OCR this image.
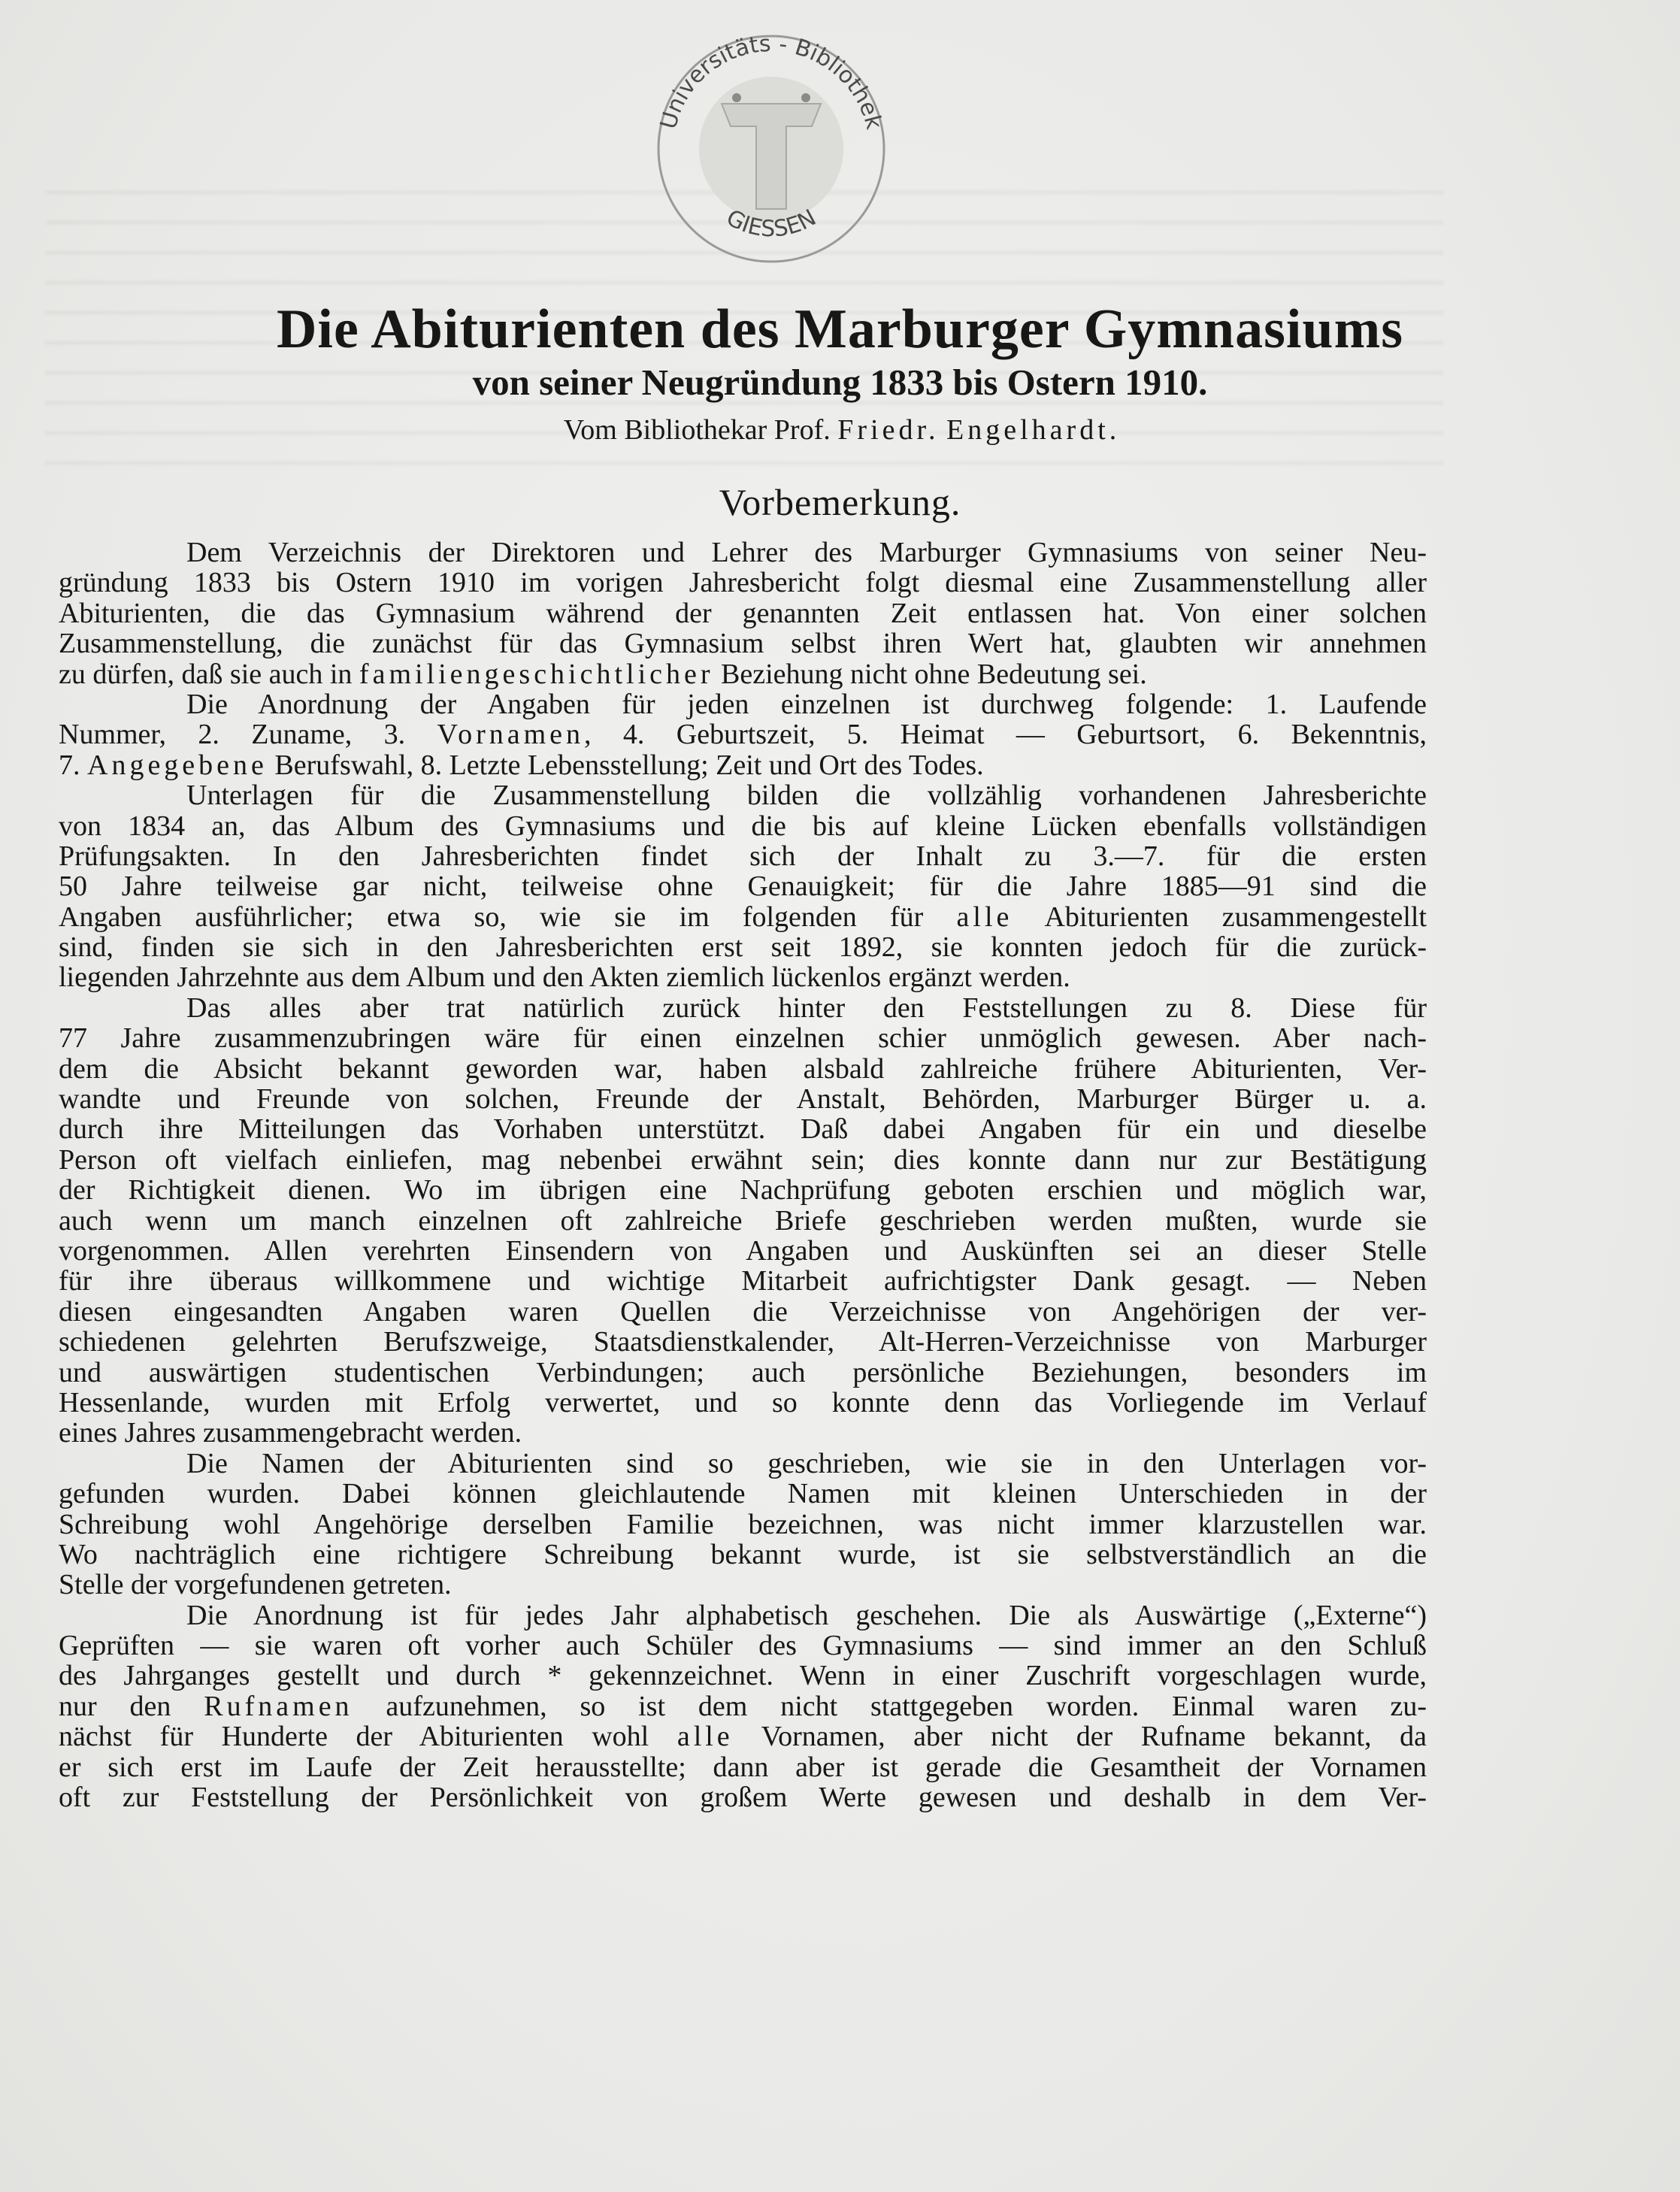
Universitäts - Bibliothek
GIESSEN
Die Abiturienten des Marburger Gymnasiums
von seiner Neugründung 1833 bis Ostern 1910.
Vom Bibliothekar Prof. Friedr. Engelhardt.
Vorbemerkung.
Dem Verzeichnis der Direktoren und Lehrer des Marburger Gymnasiums von seiner Neu-
gründung 1833 bis Ostern 1910 im vorigen Jahresbericht folgt diesmal eine Zusammenstellung aller
Abiturienten, die das Gymnasium während der genannten Zeit entlassen hat. Von einer solchen
Zusammenstellung, die zunächst für das Gymnasium selbst ihren Wert hat, glaubten wir annehmen
zu dürfen, daß sie auch in familiengeschichtlicher Beziehung nicht ohne Bedeutung sei.
Die Anordnung der Angaben für jeden einzelnen ist durchweg folgende: 1. Laufende
Nummer, 2. Zuname, 3. Vornamen, 4. Geburtszeit, 5. Heimat — Geburtsort, 6. Bekenntnis,
7. Angegebene Berufswahl, 8. Letzte Lebensstellung; Zeit und Ort des Todes.
Unterlagen für die Zusammenstellung bilden die vollzählig vorhandenen Jahresberichte
von 1834 an, das Album des Gymnasiums und die bis auf kleine Lücken ebenfalls vollständigen
Prüfungsakten. In den Jahresberichten findet sich der Inhalt zu 3.—7. für die ersten
50 Jahre teilweise gar nicht, teilweise ohne Genauigkeit; für die Jahre 1885—91 sind die
Angaben ausführlicher; etwa so, wie sie im folgenden für alle Abiturienten zusammengestellt
sind, finden sie sich in den Jahresberichten erst seit 1892, sie konnten jedoch für die zurück-
liegenden Jahrzehnte aus dem Album und den Akten ziemlich lückenlos ergänzt werden.
Das alles aber trat natürlich zurück hinter den Feststellungen zu 8. Diese für
77 Jahre zusammenzubringen wäre für einen einzelnen schier unmöglich gewesen. Aber nach-
dem die Absicht bekannt geworden war, haben alsbald zahlreiche frühere Abiturienten, Ver-
wandte und Freunde von solchen, Freunde der Anstalt, Behörden, Marburger Bürger u. a.
durch ihre Mitteilungen das Vorhaben unterstützt. Daß dabei Angaben für ein und dieselbe
Person oft vielfach einliefen, mag nebenbei erwähnt sein; dies konnte dann nur zur Bestätigung
der Richtigkeit dienen. Wo im übrigen eine Nachprüfung geboten erschien und möglich war,
auch wenn um manch einzelnen oft zahlreiche Briefe geschrieben werden mußten, wurde sie
vorgenommen. Allen verehrten Einsendern von Angaben und Auskünften sei an dieser Stelle
für ihre überaus willkommene und wichtige Mitarbeit aufrichtigster Dank gesagt. — Neben
diesen eingesandten Angaben waren Quellen die Verzeichnisse von Angehörigen der ver-
schiedenen gelehrten Berufszweige, Staatsdienstkalender, Alt-Herren-Verzeichnisse von Marburger
und auswärtigen studentischen Verbindungen; auch persönliche Beziehungen, besonders im
Hessenlande, wurden mit Erfolg verwertet, und so konnte denn das Vorliegende im Verlauf
eines Jahres zusammengebracht werden.
Die Namen der Abiturienten sind so geschrieben, wie sie in den Unterlagen vor-
gefunden wurden. Dabei können gleichlautende Namen mit kleinen Unterschieden in der
Schreibung wohl Angehörige derselben Familie bezeichnen, was nicht immer klarzustellen war.
Wo nachträglich eine richtigere Schreibung bekannt wurde, ist sie selbstverständlich an die
Stelle der vorgefundenen getreten.
Die Anordnung ist für jedes Jahr alphabetisch geschehen. Die als Auswärtige („Externe“)
Geprüften — sie waren oft vorher auch Schüler des Gymnasiums — sind immer an den Schluß
des Jahrganges gestellt und durch * gekennzeichnet. Wenn in einer Zuschrift vorgeschlagen wurde,
nur den Rufnamen aufzunehmen, so ist dem nicht stattgegeben worden. Einmal waren zu-
nächst für Hunderte der Abiturienten wohl alle Vornamen, aber nicht der Rufname bekannt, da
er sich erst im Laufe der Zeit herausstellte; dann aber ist gerade die Gesamtheit der Vornamen
oft zur Feststellung der Persönlichkeit von großem Werte gewesen und deshalb in dem Ver-
